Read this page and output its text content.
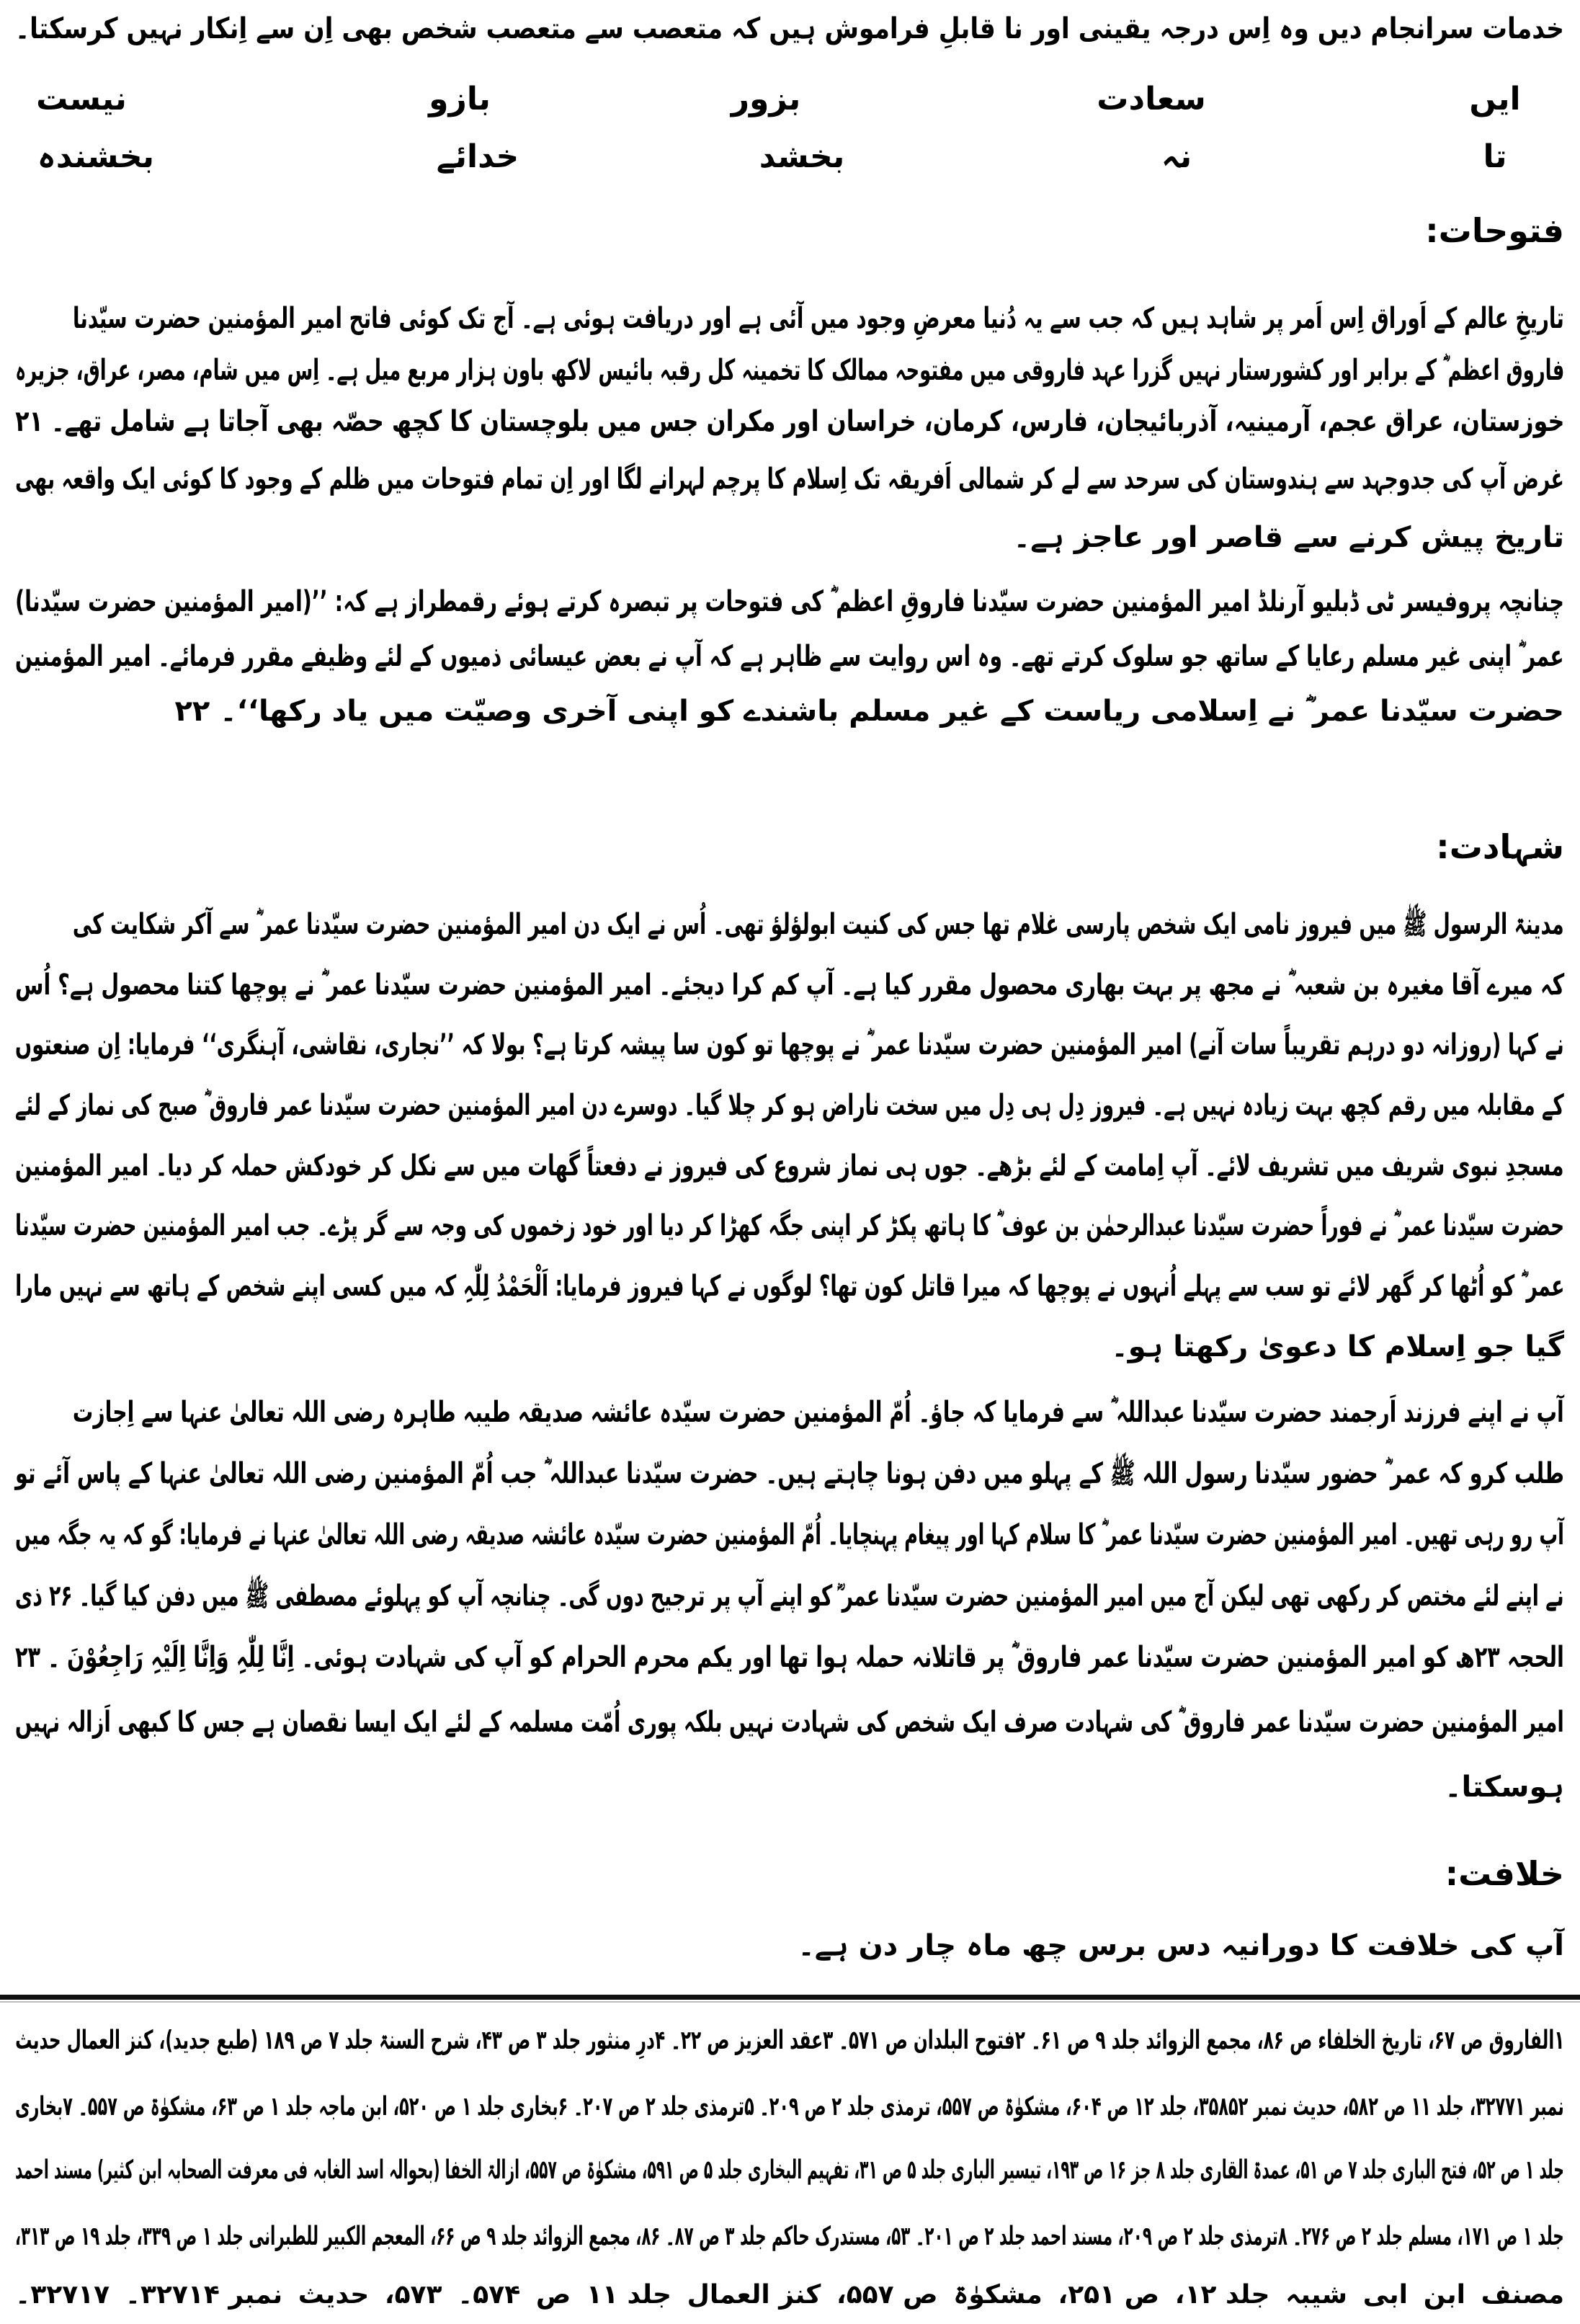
خدمات سرانجام دیں وہ اِس درجہ یقینی اور نا قابلِ فراموش ہیں کہ متعصب سے متعصب شخص بھی اِن سے اِنکار نہیں کرسکتا۔
ایں
سعادت
بزور
بازو
نیست
تا
نہ
بخشد
خدائے
بخشندہ
فتوحات:
تاریخِ عالم کے اَوراق اِس اَمر پر شاہد ہیں کہ جب سے یہ دُنیا معرضِ وجود میں آئی ہے اور دریافت ہوئی ہے۔ آج تک کوئی فاتح امیر المؤمنین حضرت سیّدنا
فاروق اعظم ؓ کے برابر اور کشورستار نہیں گزرا عہد فاروقی میں مفتوحہ ممالک کا تخمینہ کل رقبہ بائیس لاکھ باون ہزار مربع میل ہے۔ اِس میں شام، مصر، عراق، جزیرہ
خوزستان، عراق عجم، آرمینیہ، آذربائیجان، فارس، کرمان، خراسان اور مکران جس میں بلوچستان کا کچھ حصّہ بھی آجاتا ہے شامل تھے۔ ۲۱
غرض آپ کی جدوجہد سے ہندوستان کی سرحد سے لے کر شمالی اَفریقہ تک اِسلام کا پرچم لہرانے لگا اور اِن تمام فتوحات میں ظلم کے وجود کا کوئی ایک واقعہ بھی
تاریخ پیش کرنے سے قاصر اور عاجز ہے۔
چنانچہ پروفیسر ٹی ڈبلیو آرنلڈ امیر المؤمنین حضرت سیّدنا فاروقِ اعظم ؓ کی فتوحات پر تبصرہ کرتے ہوئے رقمطراز ہے کہ: ’’(امیر المؤمنین حضرت سیّدنا)
عمر ؓ اپنی غیر مسلم رعایا کے ساتھ جو سلوک کرتے تھے۔ وہ اس روایت سے ظاہر ہے کہ آپ نے بعض عیسائی ذمیوں کے لئے وظیفے مقرر فرمائے۔ امیر المؤمنین
حضرت سیّدنا عمر ؓ نے اِسلامی ریاست کے غیر مسلم باشندے کو اپنی آخری وصیّت میں یاد رکھا‘‘۔ ۲۲
شہادت:
مدینۃ الرسول ﷺ میں فیروز نامی ایک شخص پارسی غلام تھا جس کی کنیت ابولؤلؤ تھی۔ اُس نے ایک دن امیر المؤمنین حضرت سیّدنا عمر ؓ سے آکر شکایت کی
کہ میرے آقا مغیرہ بن شعبہ ؓ نے مجھ پر بہت بھاری محصول مقرر کیا ہے۔ آپ کم کرا دیجئے۔ امیر المؤمنین حضرت سیّدنا عمر ؓ نے پوچھا کتنا محصول ہے؟ اُس
نے کہا (روزانہ دو درہم تقریباً سات آنے) امیر المؤمنین حضرت سیّدنا عمر ؓ نے پوچھا تو کون سا پیشہ کرتا ہے؟ بولا کہ ’’نجاری، نقاشی، آہنگری‘‘ فرمایا: اِن صنعتوں
کے مقابلہ میں رقم کچھ بہت زیادہ نہیں ہے۔ فیروز دِل ہی دِل میں سخت ناراض ہو کر چلا گیا۔ دوسرے دن امیر المؤمنین حضرت سیّدنا عمر فاروق ؓ صبح کی نماز کے لئے
مسجدِ نبوی شریف میں تشریف لائے۔ آپ اِمامت کے لئے بڑھے۔ جوں ہی نماز شروع کی فیروز نے دفعتاً گھات میں سے نکل کر خودکش حملہ کر دیا۔ امیر المؤمنین
حضرت سیّدنا عمر ؓ نے فوراً حضرت سیّدنا عبدالرحمٰن بن عوف ؓ کا ہاتھ پکڑ کر اپنی جگہ کھڑا کر دیا اور خود زخموں کی وجہ سے گر پڑے۔ جب امیر المؤمنین حضرت سیّدنا
عمر ؓ کو اُٹھا کر گھر لائے تو سب سے پہلے اُنہوں نے پوچھا کہ میرا قاتل کون تھا؟ لوگوں نے کہا فیروز فرمایا: اَلْحَمْدُ لِلّٰہِ کہ میں کسی اپنے شخص کے ہاتھ سے نہیں مارا
گیا جو اِسلام کا دعویٰ رکھتا ہو۔
آپ نے اپنے فرزند اَرجمند حضرت سیّدنا عبداللہ ؓ سے فرمایا کہ جاؤ۔ اُمّ المؤمنین حضرت سیّدہ عائشہ صدیقہ طیبہ طاہرہ رضی اللہ تعالیٰ عنہا سے اِجازت
طلب کرو کہ عمر ؓ حضور سیّدنا رسول اللہ ﷺ کے پہلو میں دفن ہونا چاہتے ہیں۔ حضرت سیّدنا عبداللہ ؓ جب اُمّ المؤمنین رضی اللہ تعالیٰ عنہا کے پاس آئے تو
آپ رو رہی تھیں۔ امیر المؤمنین حضرت سیّدنا عمر ؓ کا سلام کہا اور پیغام پہنچایا۔ اُمّ المؤمنین حضرت سیّدہ عائشہ صدیقہ رضی اللہ تعالیٰ عنہا نے فرمایا: گو کہ یہ جگہ میں
نے اپنے لئے مختص کر رکھی تھی لیکن آج میں امیر المؤمنین حضرت سیّدنا عمر ؓ کو اپنے آپ پر ترجیح دوں گی۔ چنانچہ آپ کو پہلوئے مصطفی ﷺ میں دفن کیا گیا۔ ۲۶ ذی
الحجہ ۲۳ھ کو امیر المؤمنین حضرت سیّدنا عمر فاروق ؓ پر قاتلانہ حملہ ہوا تھا اور یکم محرم الحرام کو آپ کی شہادت ہوئی۔ اِنَّا لِلّٰہِ وَاِنَّا اِلَیْہِ رَاجِعُوْنَ ۔ ۲۳
امیر المؤمنین حضرت سیّدنا عمر فاروق ؓ کی شہادت صرف ایک شخص کی شہادت نہیں بلکہ پوری اُمّت مسلمہ کے لئے ایک ایسا نقصان ہے جس کا کبھی اَزالہ نہیں
ہوسکتا۔
خلافت:
آپ کی خلافت کا دورانیہ دس برس چھ ماہ چار دن ہے۔
۱الفاروق ص ۶۷، تاریخ الخلفاء ص ۸۶، مجمع الزوائد جلد ۹ ص ۶۱۔ ۲فتوح البلدان ص ۵۷۱۔ ۳عقد العزیز ص ۲۲۔ ۴درِ منثور جلد ۳ ص ۴۳، شرح السنۃ جلد ۷ ص ۱۸۹ (طبع جدید)، کنز العمال حدیث
نمبر ۳۲۷۷۱، جلد ۱۱ ص ۵۸۲، حدیث نمبر ۳۵۸۵۲، جلد ۱۲ ص ۶۰۴، مشکوٰۃ ص ۵۵۷، ترمذی جلد ۲ ص ۲۰۹۔ ۵ترمذی جلد ۲ ص ۲۰۷۔ ۶بخاری جلد ۱ ص ۵۲۰، ابن ماجہ جلد ۱ ص ۶۳، مشکوٰۃ ص ۵۵۷۔ ۷بخاری
جلد ۱ ص ۵۲، فتح الباری جلد ۷ ص ۵۱، عمدۃ القاری جلد ۸ جز ۱۶ ص ۱۹۳، تیسیر الباری جلد ۵ ص ۳۱، تفہیم البخاری جلد ۵ ص ۵۹۱، مشکوٰۃ ص ۵۵۷، ازالۃ الخفا (بحوالہ اسد الغابہ فی معرفت الصحابہ ابن کثیر) مسند احمد
جلد ۱ ص ۱۷۱، مسلم جلد ۲ ص ۲۷۶۔ ۸ترمذی جلد ۲ ص ۲۰۹، مسند احمد جلد ۲ ص ۲۰۱۔ ۵۳، مستدرک حاکم جلد ۳ ص ۸۷۔ ۸۶، مجمع الزوائد جلد ۹ ص ۶۶، المعجم الکبیر للطبرانی جلد ۱ ص ۳۳۹، جلد ۱۹ ص ۳۱۳،
مصنف
ابن
ابی
شیبہ
جلد ۱۲،
ص ۲۵۱،
مشکوٰۃ
ص ۵۵۷،
کنز العمال
جلد ۱۱
ص
۵۷۴۔
۵۷۳،
حدیث
نمبر ۳۲۷۱۴۔
۳۲۷۱۷۔
